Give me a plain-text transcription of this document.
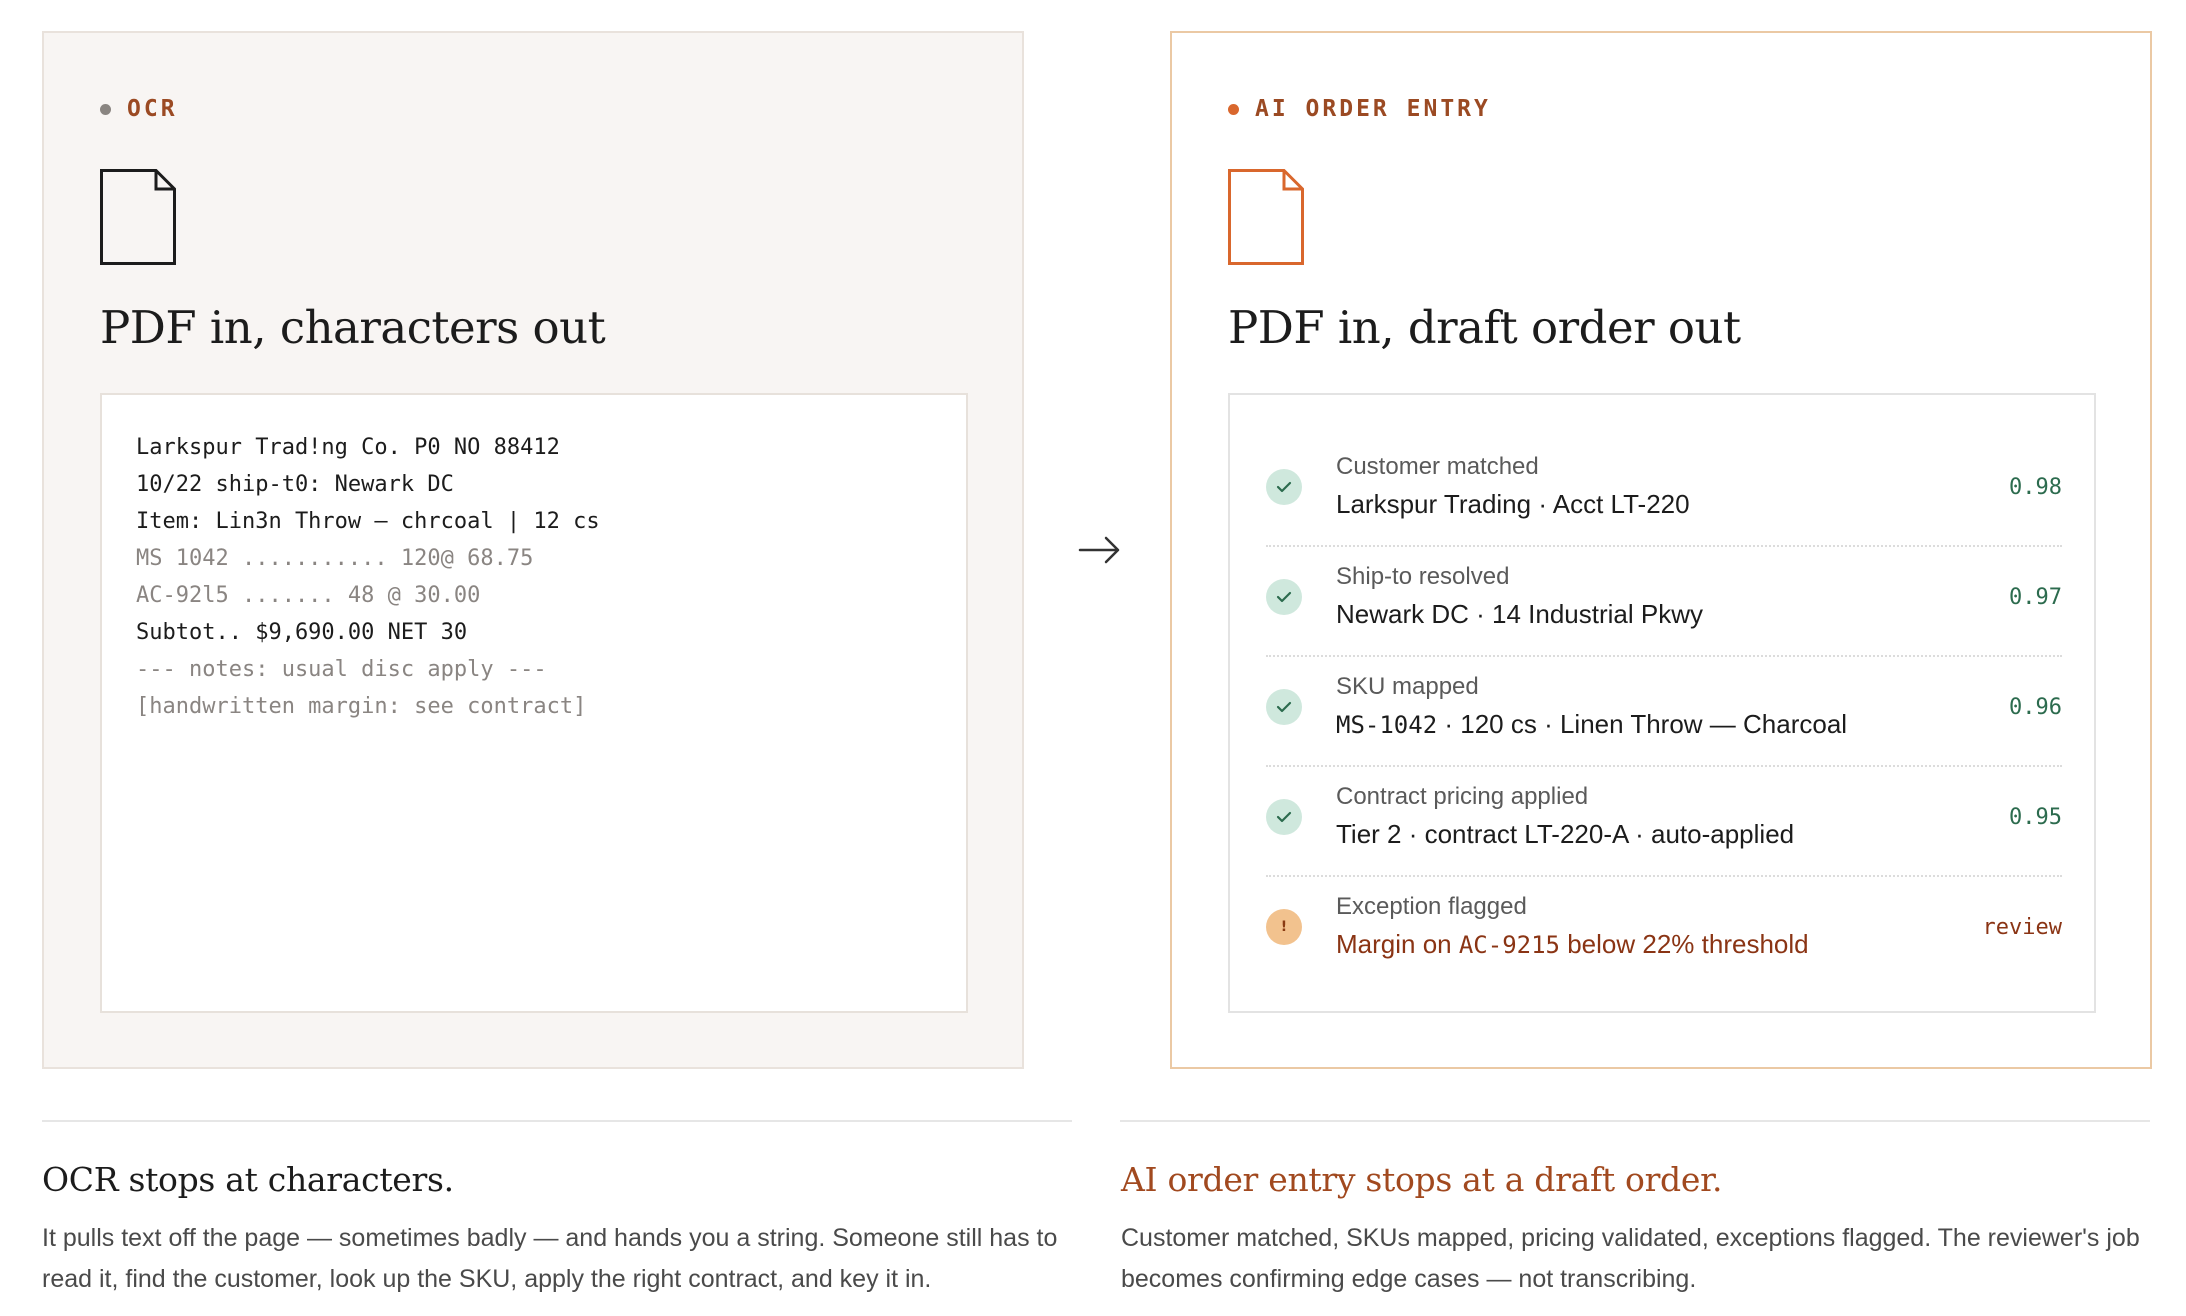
OCR
PDF in, characters out
Larkspur Trad!ng Co. P0 NO 88412
10/22 ship-t0: Newark DC
Item: Lin3n Throw — chrcoal | 12 cs
MS 1042 ........... 120@ 68.75
AC-92l5 ....... 48 @ 30.00
Subtot.. $9,690.00 NET 30
--- notes: usual disc apply ---
[handwritten margin: see contract]
AI ORDER ENTRY
PDF in, draft order out
Customer matched
Larkspur Trading · Acct LT-220
0.98
Ship-to resolved
Newark DC · 14 Industrial Pkwy
0.97
SKU mapped
MS-1042 · 120 cs · Linen Throw — Charcoal
0.96
Contract pricing applied
Tier 2 · contract LT-220-A · auto-applied
0.95
!
Exception flagged
Margin on AC-9215 below 22% threshold
review
OCR stops at characters.

It pulls text off the page — sometimes badly — and hands you a string. Someone still has to read it, find the customer, look up the SKU, apply the right contract, and key it in.

AI order entry stops at a draft order.

Customer matched, SKUs mapped, pricing validated, exceptions flagged. The reviewer's job becomes confirming edge cases — not transcribing.
